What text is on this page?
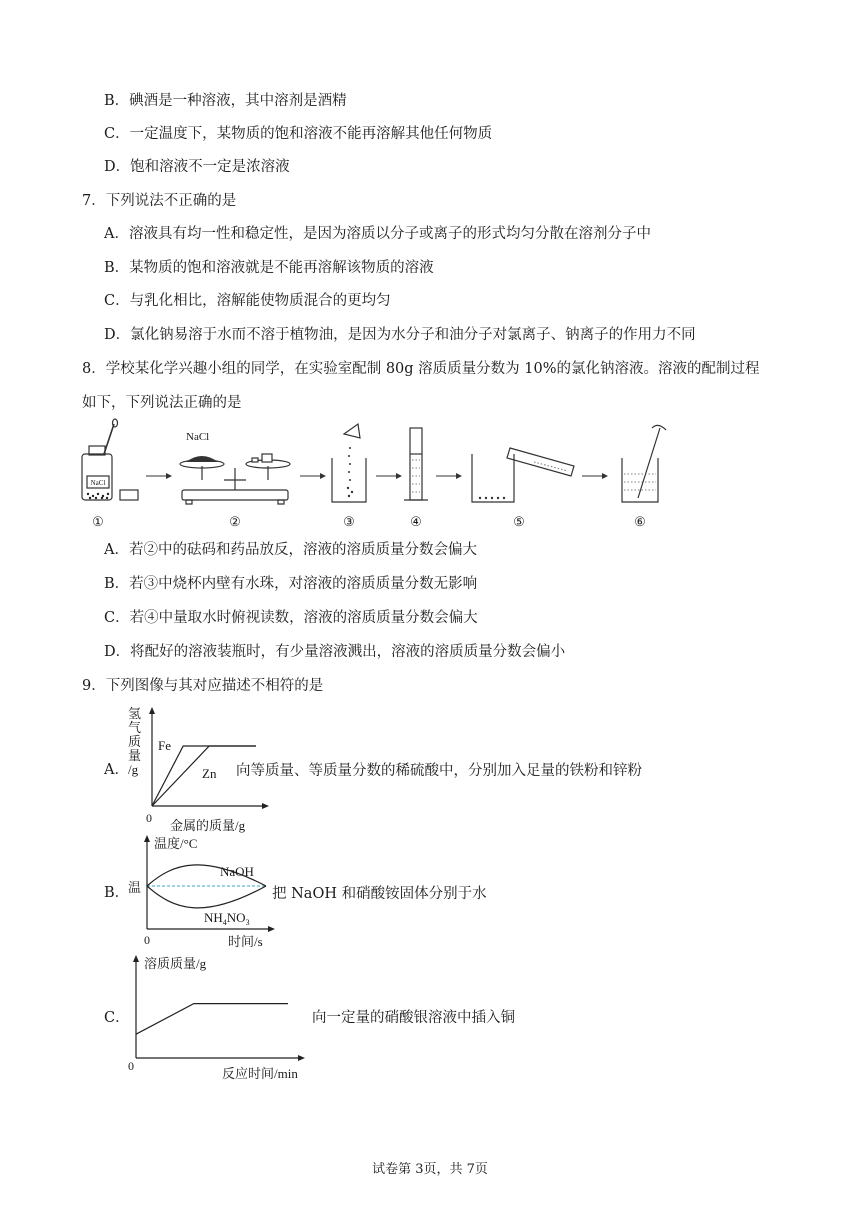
B．碘酒是一种溶液，其中溶剂是酒精
C．一定温度下，某物质的饱和溶液不能再溶解其他任何物质
D．饱和溶液不一定是浓溶液
7．下列说法不正确的是
A．溶液具有均一性和稳定性，是因为溶质以分子或离子的形式均匀分散在溶剂分子中
B．某物质的饱和溶液就是不能再溶解该物质的溶液
C．与乳化相比，溶解能使物质混合的更均匀
D．氯化钠易溶于水而不溶于植物油，是因为水分子和油分子对氯离子、钠离子的作用力不同
8．学校某化学兴趣小组的同学，在实验室配制 80g 溶质质量分数为 10%的氯化钠溶液。溶液的配制过程
如下，下列说法正确的是
NaCl
NaCl
①	②	③	④	⑤	⑥
A．若②中的砝码和药品放反，溶液的溶质质量分数会偏大
B．若③中烧杯内壁有水珠，对溶液的溶质质量分数无影响
C．若④中量取水时俯视读数，溶液的溶质质量分数会偏大
D．将配好的溶液装瓶时，有少量溶液溅出，溶液的溶质质量分数会偏小
9．下列图像与其对应描述不相符的是
A．
氢
气
质
量
/g
Fe
Zn
0 金属的质量/g
向等质量、等质量分数的稀硫酸中，分别加入足量的铁粉和锌粉
B．
温度/°C
温
NaOH
$NH_4NO_3$
0	时间/s
把 NaOH 和硝酸铵固体分别于水
C．
溶质质量/g
0	反应时间/min
向一定量的硝酸银溶液中插入铜
试卷第 3页，共 7页
